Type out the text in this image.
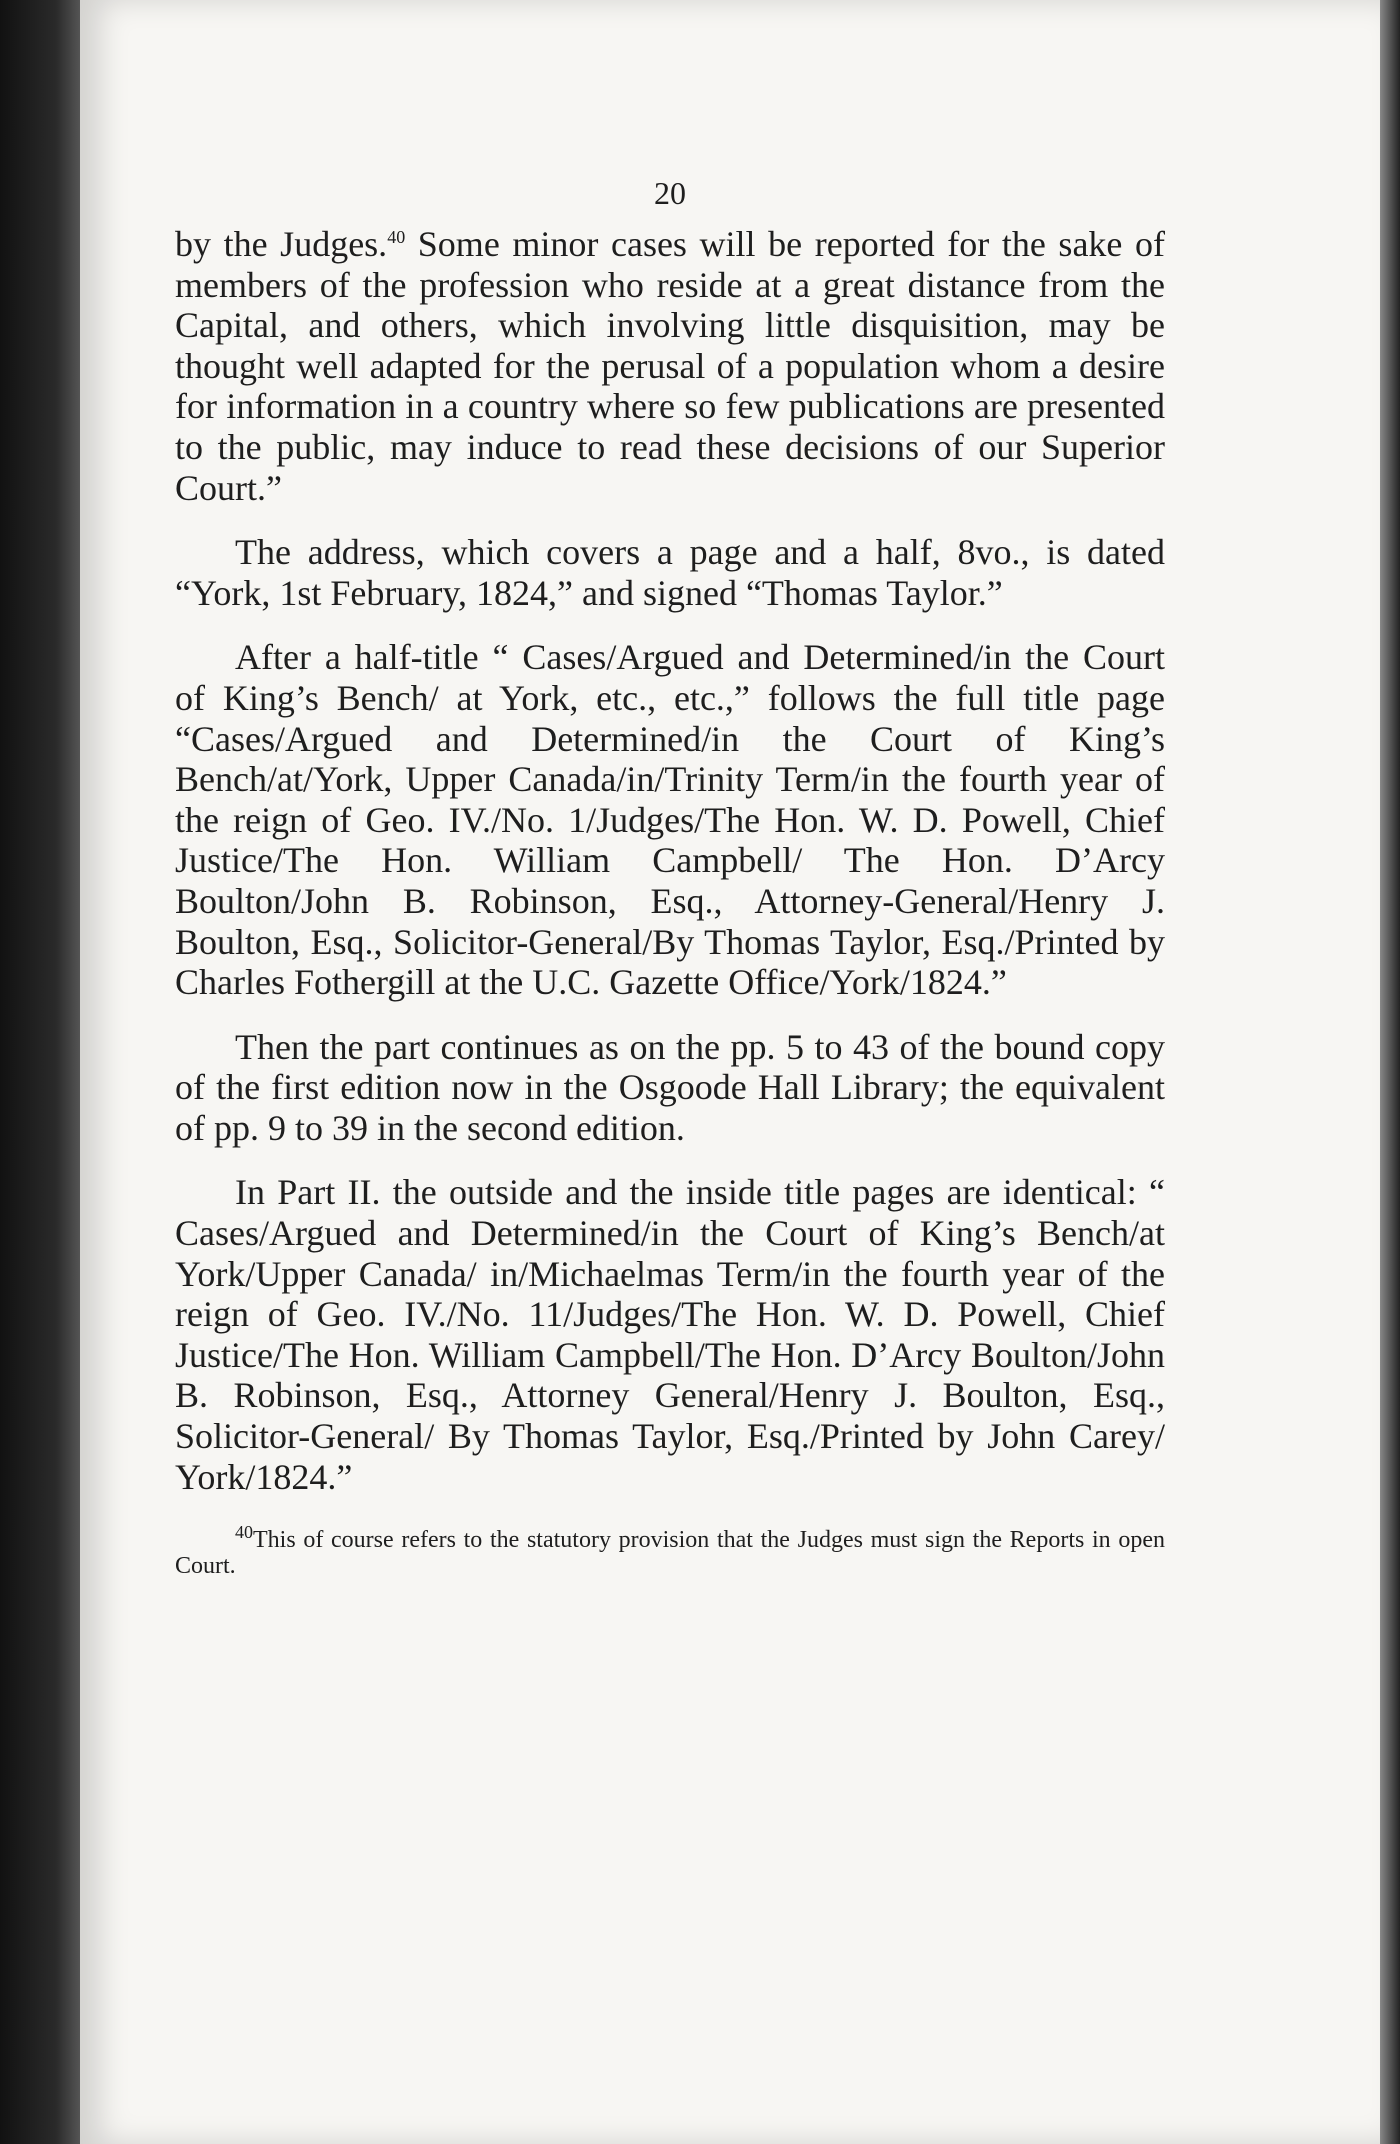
20

by the Judges.$^{40}$ Some minor cases will be reported for the sake of members of the profession who reside at a great distance from the Capital, and others, which involving little disquisition, may be thought well adapted for the perusal of a population whom a desire for information in a country where so few publications are presented to the public, may induce to read these decisions of our Superior Court.”

The address, which covers a page and a half, 8vo., is dated “York, 1st February, 1824,” and signed “Thomas Taylor.”

After a half-title “ Cases/Argued and Determined/in the Court of King’s Bench/ at York, etc., etc.,” follows the full title page “Cases/Argued and Determined/in the Court of King’s Bench/at/York, Upper Canada/in/Trinity Term/in the fourth year of the reign of Geo. IV./No. 1/Judges/The Hon. W. D. Powell, Chief Justice/The Hon. William Campbell/ The Hon. D’Arcy Boulton/John B. Robinson, Esq., Attorney-General/Henry J. Boulton, Esq., Solicitor-General/By Thomas Taylor, Esq./Printed by Charles Fothergill at the U.C. Gazette Office/York/1824.”

Then the part continues as on the pp. 5 to 43 of the bound copy of the first edition now in the Osgoode Hall Library; the equivalent of pp. 9 to 39 in the second edition.

In Part II. the outside and the inside title pages are identical: “ Cases/Argued and Determined/in the Court of King’s Bench/at York/Upper Canada/ in/Michaelmas Term/in the fourth year of the reign of Geo. IV./No. 11/Judges/The Hon. W. D. Powell, Chief Justice/The Hon. William Campbell/The Hon. D’Arcy Boulton/John B. Robinson, Esq., Attorney General/Henry J. Boulton, Esq., Solicitor-General/ By Thomas Taylor, Esq./Printed by John Carey/ York/1824.”

$^{40}$This of course refers to the statutory provision that the Judges must sign the Reports in open Court.
